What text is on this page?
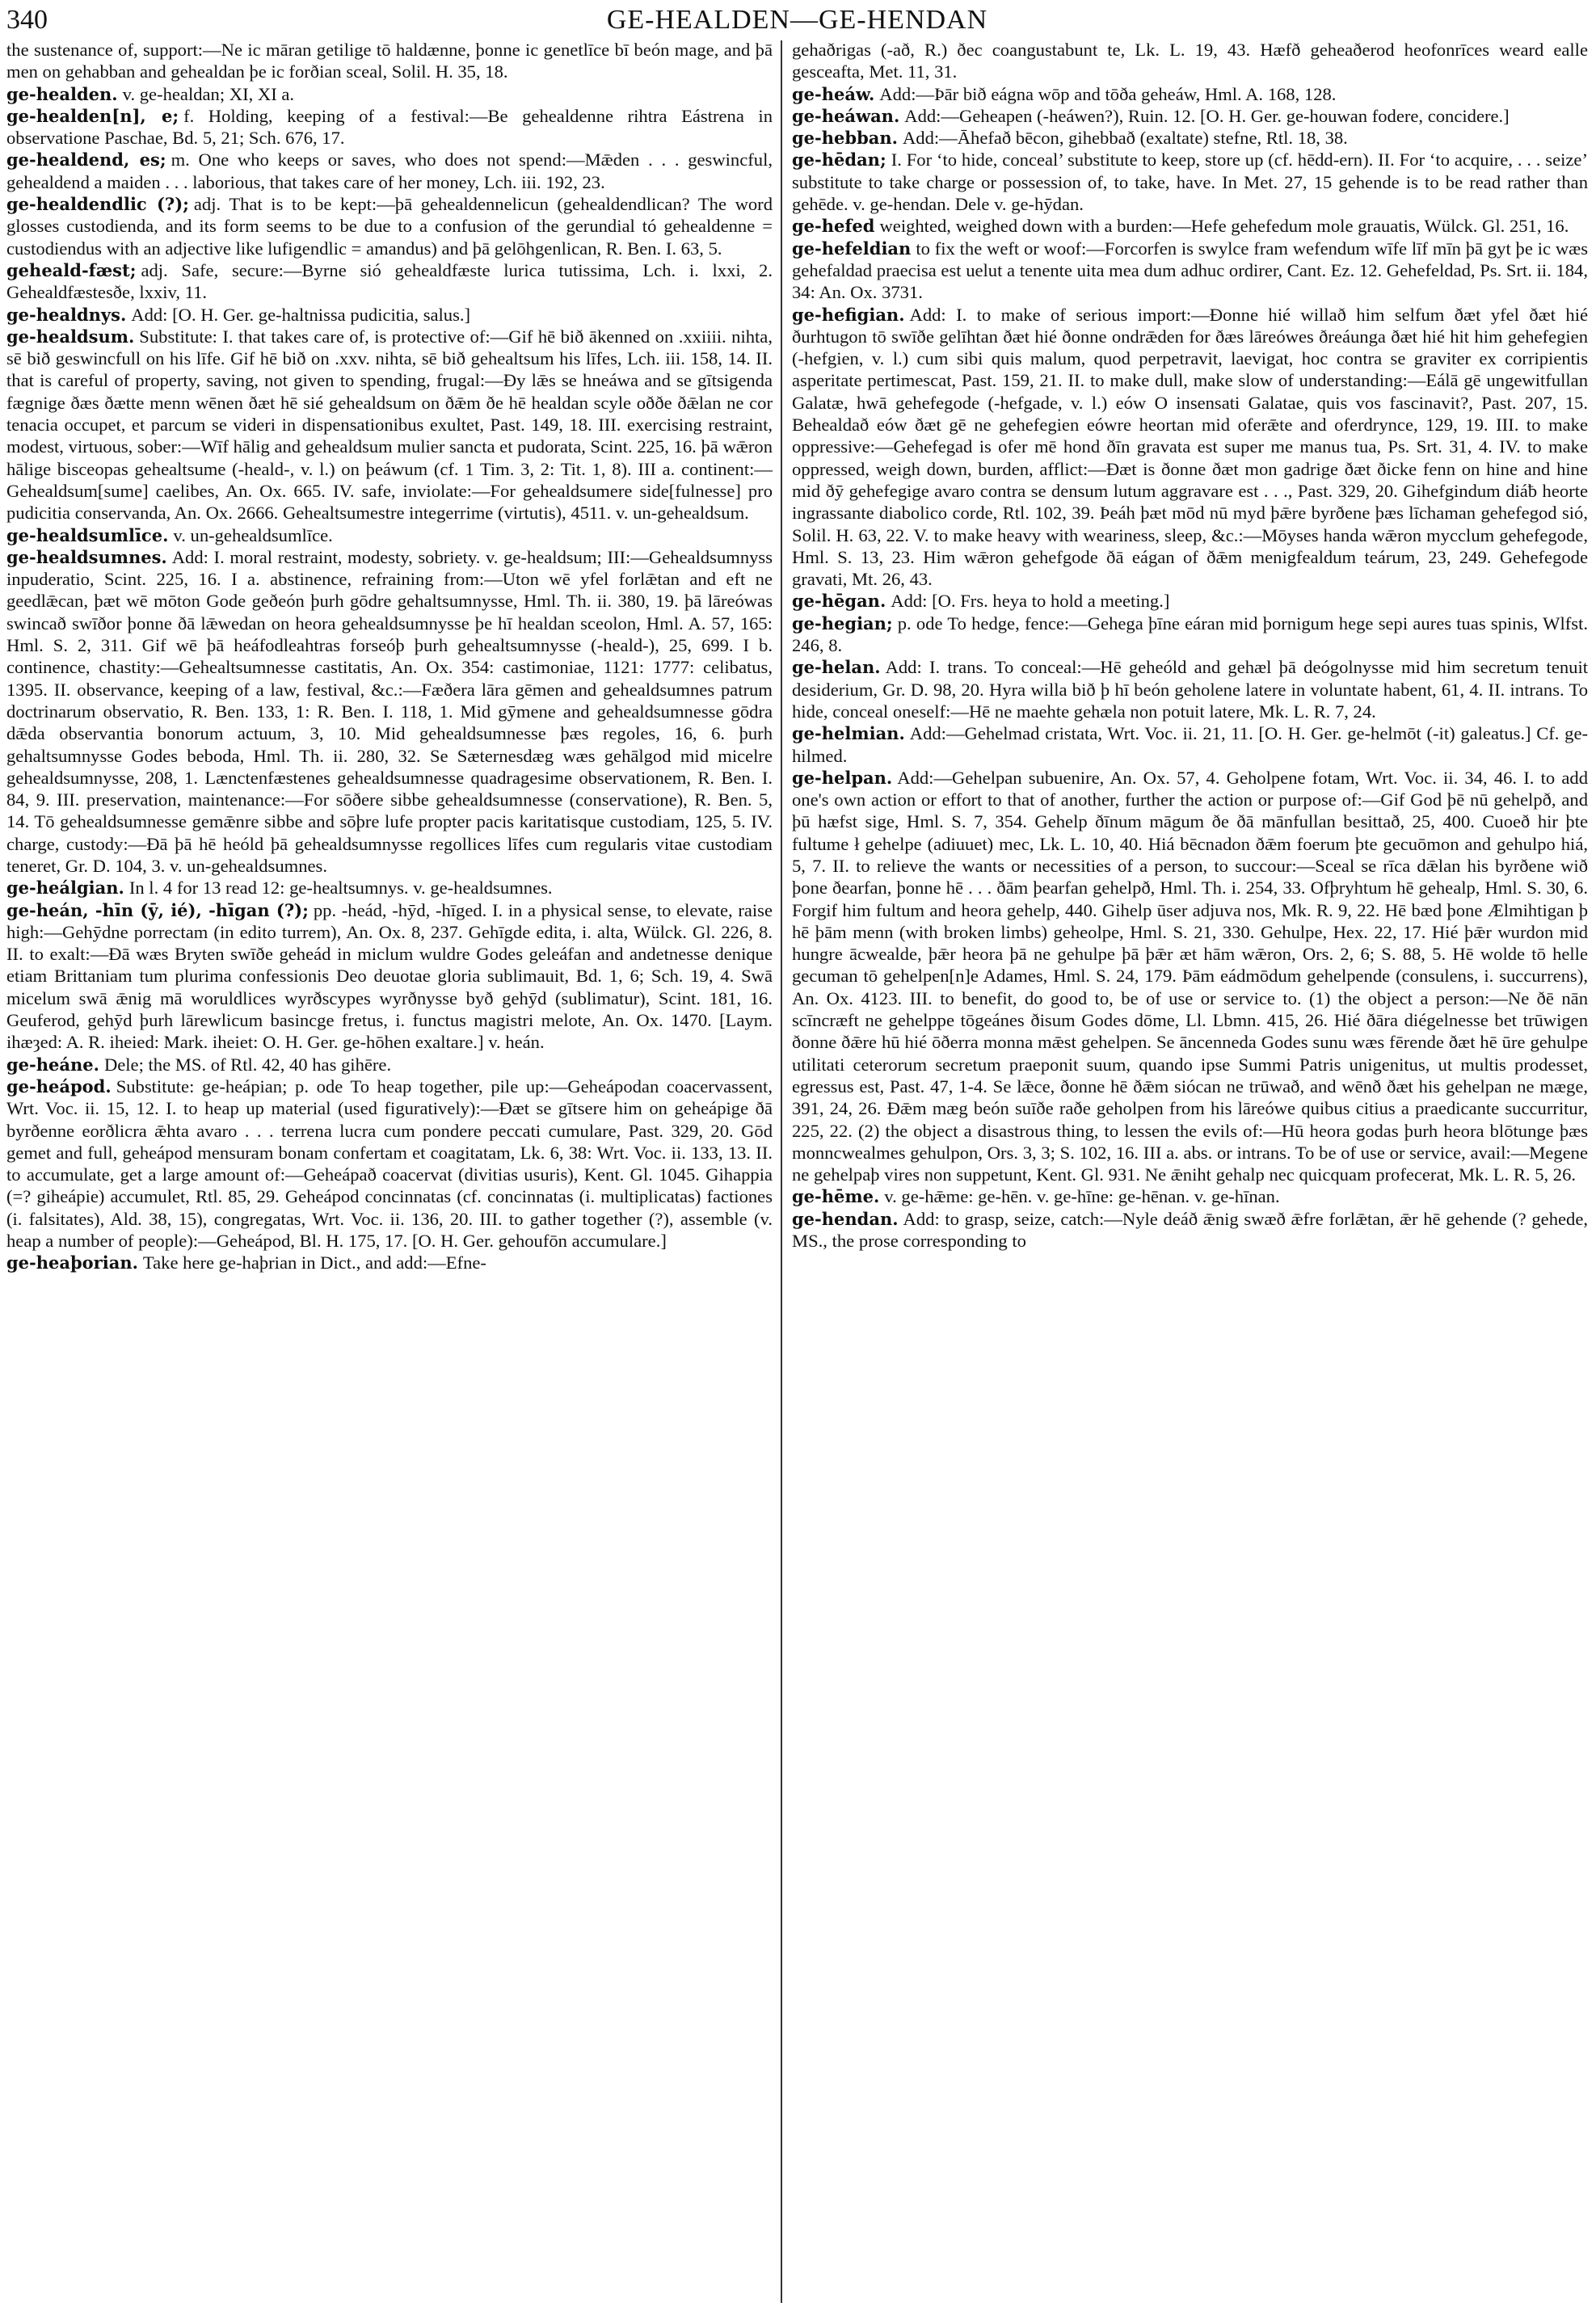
340	GE-HEALDEN—GE-HENDAN

the sustenance of, support:—Ne ic māran getilige tō haldænne, þonne ic genetlīce bī beón mage, and þā men on gehabban and gehealdan þe ic forðian sceal, Solil. H. 35, 18.

ge-healden. v. ge-healdan; XI, XI a.

ge-healden[n], e; f. Holding, keeping of a festival:—Be gehealdenne rihtra Eástrena in observatione Paschae, Bd. 5, 21; Sch. 676, 17.

ge-healdend, es; m. One who keeps or saves, who does not spend:—Mǣden . . . geswincful, gehealdend a maiden . . . laborious, that takes care of her money, Lch. iii. 192, 23.

ge-healdendlic (?); adj. That is to be kept:—þā gehealdennelicun (gehealdendlican? The word glosses custodienda, and its form seems to be due to a confusion of the gerundial tó gehealdenne = custodiendus with an adjective like lufigendlic = amandus) and þā gelōhgenlican, R. Ben. I. 63, 5.

geheald-fæst; adj. Safe, secure:—Byrne sió gehealdfæste lurica tutissima, Lch. i. lxxi, 2. Gehealdfæstesðe, lxxiv, 11.

ge-healdnys. Add: [O. H. Ger. ge-haltnissa pudicitia, salus.]

ge-healdsum. Substitute: I. that takes care of, is protective of:—Gif hē bið ākenned on .xxiiii. nihta, sē bið geswincfull on his līfe. Gif hē bið on .xxv. nihta, sē bið gehealtsum his līfes, Lch. iii. 158, 14. II. that is careful of property, saving, not given to spending, frugal:—Ðy lǣs se hneáwa and se gītsigenda fægnige ðæs ðætte menn wēnen ðæt hē sié gehealdsum on ðǣm ðe hē healdan scyle oððe ðǣlan ne cor tenacia occupet, et parcum se videri in dispensationibus exultet, Past. 149, 18. III. exercising restraint, modest, virtuous, sober:—Wīf hālig and gehealdsum mulier sancta et pudorata, Scint. 225, 16. þā wǣron hālige bisceopas gehealtsume (-heald-, v. l.) on þeáwum (cf. 1 Tim. 3, 2: Tit. 1, 8). III a. continent:—Gehealdsum[sume] caelibes, An. Ox. 665. IV. safe, inviolate:—For gehealdsumere side[fulnesse] pro pudicitia conservanda, An. Ox. 2666. Gehealtsumestre integerrime (virtutis), 4511. v. un-gehealdsum.

ge-healdsumlīce. v. un-gehealdsumlīce.

ge-healdsumnes. Add: I. moral restraint, modesty, sobriety. v. ge-healdsum; III:—Gehealdsumnyss inpuderatio, Scint. 225, 16. I a. abstinence, refraining from:—Uton wē yfel forlǣtan and eft ne geedlǣcan, þæt wē mōton Gode geðeón þurh gōdre gehaltsumnysse, Hml. Th. ii. 380, 19. þā lāreówas swincað swīðor þonne ðā lǣwedan on heora gehealdsumnysse þe hī healdan sceolon, Hml. A. 57, 165: Hml. S. 2, 311. Gif wē þā heáfodleahtras forseóþ þurh gehealtsumnysse (-heald-), 25, 699. I b. continence, chastity:—Gehealtsumnesse castitatis, An. Ox. 354: castimoniae, 1121: 1777: celibatus, 1395. II. observance, keeping of a law, festival, &c.:—Fæðera lāra gēmen and gehealdsumnes patrum doctrinarum observatio, R. Ben. 133, 1: R. Ben. I. 118, 1. Mid gӯmene and gehealdsumnesse gōdra dǣda observantia bonorum actuum, 3, 10. Mid gehealdsumnesse þæs regoles, 16, 6. þurh gehaltsumnysse Godes beboda, Hml. Th. ii. 280, 32. Se Sæternesdæg wæs gehālgod mid micelre gehealdsumnysse, 208, 1. Lænctenfæstenes gehealdsumnesse quadragesime observationem, R. Ben. I. 84, 9. III. preservation, maintenance:—For sōðere sibbe gehealdsumnesse (conservatione), R. Ben. 5, 14. Tō gehealdsumnesse gemǣnre sibbe and sōþre lufe propter pacis karitatisque custodiam, 125, 5. IV. charge, custody:—Ðā þā hē heóld þā gehealdsumnysse regollices līfes cum regularis vitae custodiam teneret, Gr. D. 104, 3. v. un-gehealdsumnes.

ge-heálgian. In l. 4 for 13 read 12: ge-healtsumnys. v. ge-healdsumnes.

ge-heán, -hīn (ȳ, ié), -hīgan (?); pp. -heád, -hӯd, -hīged. I. in a physical sense, to elevate, raise high:—Gehӯdne porrectam (in edito turrem), An. Ox. 8, 237. Gehīgde edita, i. alta, Wülck. Gl. 226, 8. II. to exalt:—Ðā wæs Bryten swīðe geheád in miclum wuldre Godes geleáfan and andetnesse denique etiam Brittaniam tum plurima confessionis Deo deuotae gloria sublimauit, Bd. 1, 6; Sch. 19, 4. Swā micelum swā ǣnig mā woruldlices wyrðscypes wyrðnysse byð gehӯd (sublimatur), Scint. 181, 16. Geuferod, gehӯd þurh lārewlicum basincge fretus, i. functus magistri melote, An. Ox. 1470. [Laym. ihæȝed: A. R. iheied: Mark. iheiet: O. H. Ger. ge-hōhen exaltare.] v. heán.

ge-heáne. Dele; the MS. of Rtl. 42, 40 has gihēre.

ge-heápod. Substitute: ge-heápian; p. ode To heap together, pile up:—Geheápodan coacervassent, Wrt. Voc. ii. 15, 12. I. to heap up material (used figuratively):—Ðæt se gītsere him on geheápige ðā byrðenne eorðlicra ǣhta avaro . . . terrena lucra cum pondere peccati cumulare, Past. 329, 20. Gōd gemet and full, geheápod mensuram bonam confertam et coagitatam, Lk. 6, 38: Wrt. Voc. ii. 133, 13. II. to accumulate, get a large amount of:—Geheápað coacervat (divitias usuris), Kent. Gl. 1045. Gihappia (=? giheápie) accumulet, Rtl. 85, 29. Geheápod concinnatas (cf. concinnatas (i. multiplicatas) factiones (i. falsitates), Ald. 38, 15), congregatas, Wrt. Voc. ii. 136, 20. III. to gather together (?), assemble (v. heap a number of people):—Geheápod, Bl. H. 175, 17. [O. H. Ger. gehoufōn accumulare.]

ge-heaþorian. Take here ge-haþrian in Dict., and add:—Efne-

gehaðrigas (-að, R.) ðec coangustabunt te, Lk. L. 19, 43. Hæfð geheaðerod heofonrīces weard ealle gesceafta, Met. 11, 31.

ge-heáw. Add:—Þār bið eágna wōp and tōða geheáw, Hml. A. 168, 128.

ge-heáwan. Add:—Geheapen (-heáwen?), Ruin. 12. [O. H. Ger. ge-houwan fodere, concidere.]

ge-hebban. Add:—Āhefað bēcon, gihebbað (exaltate) stefne, Rtl. 18, 38.

ge-hēdan; I. For ‘to hide, conceal’ substitute to keep, store up (cf. hēdd-ern). II. For ‘to acquire, . . . seize’ substitute to take charge or possession of, to take, have. In Met. 27, 15 gehende is to be read rather than gehēde. v. ge-hendan. Dele v. ge-hӯdan.

ge-hefed weighted, weighed down with a burden:—Hefe gehefedum mole grauatis, Wülck. Gl. 251, 16.

ge-hefeldian to fix the weft or woof:—Forcorfen is swylce fram wefendum wīfe līf mīn þā gyt þe ic wæs gehefaldad praecisa est uelut a tenente uita mea dum adhuc ordirer, Cant. Ez. 12. Gehefeldad, Ps. Srt. ii. 184, 34: An. Ox. 3731.

ge-hefigian. Add: I. to make of serious import:—Ðonne hié willað him selfum ðæt yfel ðæt hié ðurhtugon tō swīðe gelīhtan ðæt hié ðonne ondrǣden for ðæs lāreówes ðreáunga ðæt hié hit him gehefegien (-hefgien, v. l.) cum sibi quis malum, quod perpetravit, laevigat, hoc contra se graviter ex corripientis asperitate pertimescat, Past. 159, 21. II. to make dull, make slow of understanding:—Eálā gē ungewitfullan Galatæ, hwā gehefegode (-hefgade, v. l.) eów O insensati Galatae, quis vos fascinavit?, Past. 207, 15. Behealdað eów ðæt gē ne gehefegien eówre heortan mid oferǣte and oferdrynce, 129, 19. III. to make oppressive:—Gehefegad is ofer mē hond ðīn gravata est super me manus tua, Ps. Srt. 31, 4. IV. to make oppressed, weigh down, burden, afflict:—Ðæt is ðonne ðæt mon gadrige ðæt ðicke fenn on hine and hine mid ðӯ gehefegige avaro contra se densum lutum aggravare est . . ., Past. 329, 20. Gihefgindum diáƀ heorte ingrassante diabolico corde, Rtl. 102, 39. Þeáh þæt mōd nū myd þǣre byrðene þæs līchaman gehefegod sió, Solil. H. 63, 22. V. to make heavy with weariness, sleep, &c.:—Mōyses handa wǣron mycclum gehefegode, Hml. S. 13, 23. Him wǣron gehefgode ðā eágan of ðǣm menigfealdum teárum, 23, 249. Gehefegode gravati, Mt. 26, 43.

ge-hēgan. Add: [O. Frs. heya to hold a meeting.]

ge-hegian; p. ode To hedge, fence:—Gehega þīne eáran mid þornigum hege sepi aures tuas spinis, Wlfst. 246, 8.

ge-helan. Add: I. trans. To conceal:—Hē geheóld and gehæl þā deógolnysse mid him secretum tenuit desiderium, Gr. D. 98, 20. Hyra willa bið þ hī beón geholene latere in voluntate habent, 61, 4. II. intrans. To hide, conceal oneself:—Hē ne maehte gehæla non potuit latere, Mk. L. R. 7, 24.

ge-helmian. Add:—Gehelmad cristata, Wrt. Voc. ii. 21, 11. [O. H. Ger. ge-helmōt (-it) galeatus.] Cf. ge-hilmed.

ge-helpan. Add:—Gehelpan subuenire, An. Ox. 57, 4. Geholpene fotam, Wrt. Voc. ii. 34, 46. I. to add one's own action or effort to that of another, further the action or purpose of:—Gif God þē nū gehelpð, and þū hæfst sige, Hml. S. 7, 354. Gehelp ðīnum māgum ðe ðā mānfullan besittað, 25, 400. Cuoeð hir þte fultume ł gehelpe (adiuuet) mec, Lk. L. 10, 40. Hiá bēcnadon ðǣm foerum þte gecuōmon and gehulpo hiá, 5, 7. II. to relieve the wants or necessities of a person, to succour:—Sceal se rīca dǣlan his byrðene wið þone ðearfan, þonne hē . . . ðām þearfan gehelpð, Hml. Th. i. 254, 33. Ofþryhtum hē gehealp, Hml. S. 30, 6. Forgif him fultum and heora gehelp, 440. Gihelp ūser adjuva nos, Mk. R. 9, 22. Hē bæd þone Ælmihtigan þ hē þām menn (with broken limbs) geheolpe, Hml. S. 21, 330. Gehulpe, Hex. 22, 17. Hié þǣr wurdon mid hungre ācwealde, þǣr heora þā ne gehulpe þā þǣr æt hām wǣron, Ors. 2, 6; S. 88, 5. Hē wolde tō helle gecuman tō gehelpen[n]e Adames, Hml. S. 24, 179. Þām eádmōdum gehelpende (consulens, i. succurrens), An. Ox. 4123. III. to benefit, do good to, be of use or service to. (1) the object a person:—Ne ðē nān scīncræft ne gehelppe tōgeánes ðisum Godes dōme, Ll. Lbmn. 415, 26. Hié ðāra diégelnesse bet trūwigen ðonne ðǣre hū hié ōðerra monna mǣst gehelpen. Se āncenneda Godes sunu wæs fērende ðæt hē ūre gehulpe utilitati ceterorum secretum praeponit suum, quando ipse Summi Patris unigenitus, ut multis prodesset, egressus est, Past. 47, 1-4. Se lǣce, ðonne hē ðǣm siócan ne trūwað, and wēnð ðæt his gehelpan ne mæge, 391, 24, 26. Ðǣm mæg beón suīðe raðe geholpen from his lāreówe quibus citius a praedicante succurritur, 225, 22. (2) the object a disastrous thing, to lessen the evils of:—Hū heora godas þurh heora blōtunge þæs monncwealmes gehulpon, Ors. 3, 3; S. 102, 16. III a. abs. or intrans. To be of use or service, avail:—Megene ne gehelpaþ vires non suppetunt, Kent. Gl. 931. Ne ǣniht gehalp nec quicquam profecerat, Mk. L. R. 5, 26.

ge-hēme. v. ge-hǣme: ge-hēn. v. ge-hīne: ge-hēnan. v. ge-hīnan.

ge-hendan. Add: to grasp, seize, catch:—Nyle deáð ǣnig swæð ǣfre forlǣtan, ǣr hē gehende (? gehede, MS., the prose corresponding to
